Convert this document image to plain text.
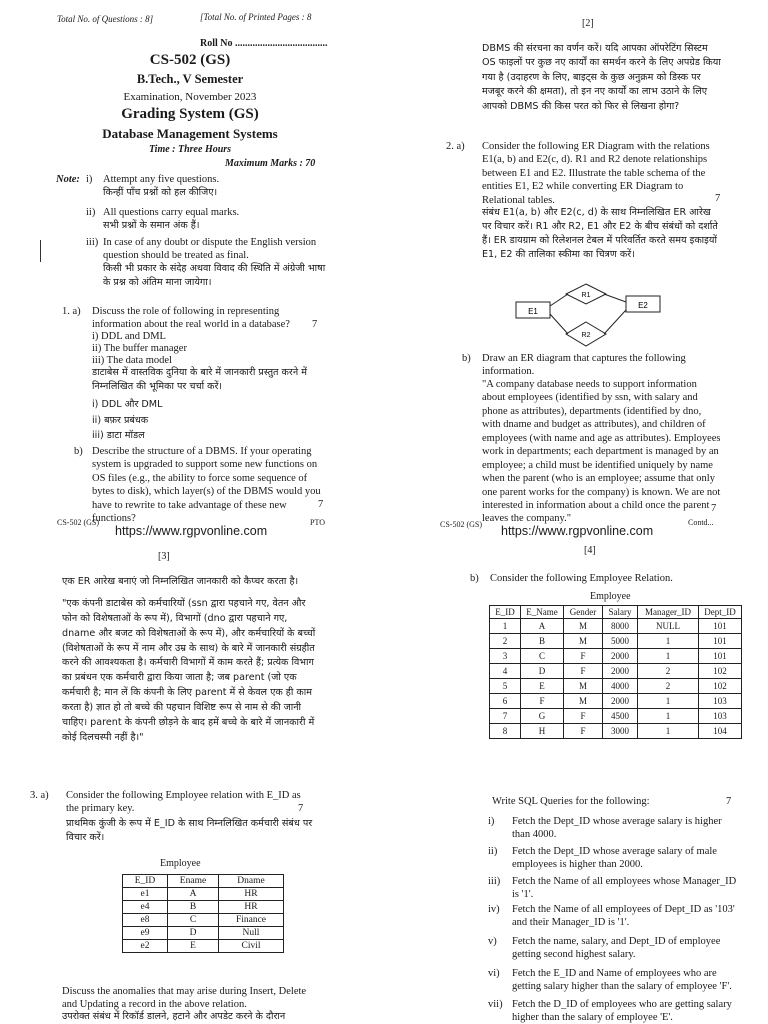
Total No. of Questions : 8]	[Total No. of Printed Pages : 8
Roll No .....................................
CS-502 (GS)
B.Tech., V Semester
Examination, November 2023
Grading System (GS)
Database Management Systems
Time : Three Hours
Maximum Marks : 70
Note: i) Attempt any five questions.
किन्हीं पाँच प्रश्नों को हल कीजिए।
ii) All questions carry equal marks.
सभी प्रश्नों के समान अंक हैं।
iii) In case of any doubt or dispute the English version question should be treated as final.
किसी भी प्रकार के संदेह अथवा विवाद की स्थिति में अंग्रेजी भाषा के प्रश्न को अंतिम माना जायेगा।
1. a) Discuss the role of following in representing information about the real world in a database?	7
i) DDL and DML
ii) The buffer manager
iii) The data model
डाटाबेस में वास्तविक दुनिया के बारे में जानकारी प्रस्तुत करने में निम्नलिखित की भूमिका पर चर्चा करें।
i) DDL और DML
ii) बफ़र प्रबंधक
iii) डाटा मॉडल
b) Describe the structure of a DBMS. If your operating system is upgraded to support some new functions on OS files (e.g., the ability to force some sequence of bytes to disk), which layer(s) of the DBMS would you have to rewrite to take advantage of these new functions?
7
CS-502 (GS)	PTO
https://www.rgpvonline.com
[2]
DBMS की संरचना का वर्णन करें। यदि आपका ऑपरेटिंग सिस्टम OS फाइलों पर कुछ नए कार्यों का समर्थन करने के लिए अपग्रेड किया गया है (उदाहरण के लिए, बाइट्स के कुछ अनुक्रम को डिस्क पर मजबूर करने की क्षमता), तो इन नए कार्यों का लाभ उठाने के लिए आपको DBMS की किस परत को फिर से लिखना होगा?
2. a) Consider the following ER Diagram with the relations E1(a, b) and E2(c, d). R1 and R2 denote relationships between E1 and E2. Illustrate the table schema of the entities E1, E2 while converting ER Diagram to Relational tables.	7
संबंध E1(a, b) और E2(c, d) के साथ निम्नलिखित ER आरेख पर विचार करें। R1 और R2, E1 और E2 के बीच संबंधों को दर्शाते हैं। ER डायग्राम को रिलेशनल टेबल में परिवर्तित करते समय इकाइयों E1, E2 की तालिका स्कीमा का चित्रण करें।
E1
E2
R1
R2
b) Draw an ER diagram that captures the following information.
"A company database needs to support information about employees (identified by ssn, with salary and phone as attributes), departments (identified by dno, with dname and budget as attributes), and children of employees (with name and age as attributes). Employees work in departments; each department is managed by an employee; a child must be identified uniquely by name when the parent (who is an employee; assume that only one parent works for the company) is known. We are not interested in information about a child once the parent leaves the company."
7
CS-502 (GS)	Contd...
https://www.rgpvonline.com
[3]
एक ER आरेख बनाएं जो निम्नलिखित जानकारी को कैप्चर करता है।
"एक कंपनी डाटाबेस को कर्मचारियों (ssn द्वारा पहचाने गए, वेतन और फोन को विशेषताओं के रूप में), विभागों (dno द्वारा पहचाने गए, dname और बजट को विशेषताओं के रूप में), और कर्मचारियों के बच्चों (विशेषताओं के रूप में नाम और उम्र के साथ) के बारे में जानकारी संग्रहीत करने की आवश्यकता है। कर्मचारी विभागों में काम करते हैं; प्रत्येक विभाग का प्रबंधन एक कर्मचारी द्वारा किया जाता है; जब parent (जो एक कर्मचारी है; मान लें कि कंपनी के लिए parent में से केवल एक ही काम करता है) ज्ञात हो तो बच्चे की पहचान विशिष्ट रूप से नाम से की जानी चाहिए। parent के कंपनी छोड़ने के बाद हमें बच्चे के बारे में जानकारी में कोई दिलचस्पी नहीं है।"
3. a) Consider the following Employee relation with E_ID as the primary key.	7
प्राथमिक कुंजी के रूप में E_ID के साथ निम्नलिखित कर्मचारी संबंध पर विचार करें।
Employee
E_ID	Ename	Dname
e1	A	HR
e4	B	HR
e8	C	Finance
e9	D	Null
e2	E	Civil
Discuss the anomalies that may arise during Insert, Delete and Updating a record in the above relation.
उपरोक्त संबंध में रिकॉर्ड डालने, हटाने और अपडेट करने के दौरान
[4]
b) Consider the following Employee Relation.
Employee
E_ID	E_Name	Gender	Salary	Manager_ID	Dept_ID
1	A	M	8000	NULL	101
2	B	M	5000	1	101
3	C	F	2000	1	101
4	D	F	2000	2	102
5	E	M	4000	2	102
6	F	M	2000	1	103
7	G	F	4500	1	103
8	H	F	3000	1	104
Write SQL Queries for the following:	7
i) Fetch the Dept_ID whose average salary is higher than 4000.
ii) Fetch the Dept_ID whose average salary of male employees is higher than 2000.
iii) Fetch the Name of all employees whose Manager_ID is '1'.
iv) Fetch the Name of all employees of Dept_ID as '103' and their Manager_ID is '1'.
v) Fetch the name, salary, and Dept_ID of employee getting second highest salary.
vi) Fetch the E_ID and Name of employees who are getting salary higher than the salary of employee 'F'.
vii) Fetch the D_ID of employees who are getting salary higher than the salary of employee 'E'.
